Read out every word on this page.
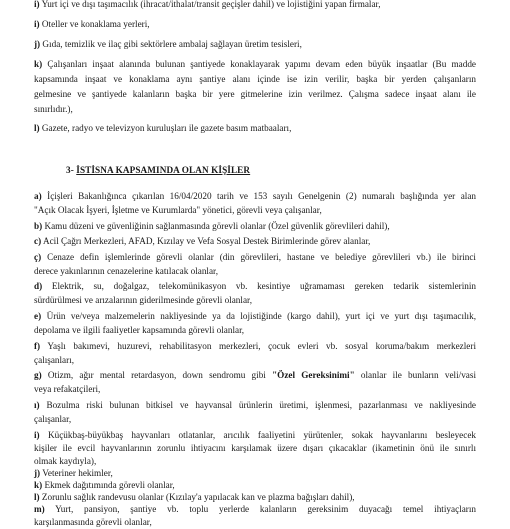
i) Yurt içi ve dışı taşımacılık (ihracat/ithalat/transit geçişler dahil) ve lojistiğini yapan firmalar,
i) Oteller ve konaklama yerleri,
j) Gıda, temizlik ve ilaç gibi sektörlere ambalaj sağlayan üretim tesisleri,
k) Çalışanları inşaat alanında bulunan şantiyede konaklayarak yapımı devam eden büyük inşaatlar (Bu madde
kapsamında inşaat ve konaklama aynı şantiye alanı içinde ise izin verilir, başka bir yerden çalışanların
gelmesine ve şantiyede kalanların başka bir yere gitmelerine izin verilmez. Çalışma sadece inşaat alanı ile
sınırlıdır.),
l) Gazete, radyo ve televizyon kuruluşları ile gazete basım matbaaları,
3- İSTİSNA KAPSAMINDA OLAN KİŞİLER
a) İçişleri Bakanlığınca çıkarılan 16/04/2020 tarih ve 153 sayılı Genelgenin (2) numaralı başlığında yer alan
"Açık Olacak İşyeri, İşletme ve Kurumlarda" yönetici, görevli veya çalışanlar,
b) Kamu düzeni ve güvenliğinin sağlanmasında görevli olanlar (Özel güvenlik görevlileri dahil),
c) Acil Çağrı Merkezleri, AFAD, Kızılay ve Vefa Sosyal Destek Birimlerinde görev alanlar,
ç) Cenaze defin işlemlerinde görevli olanlar (din görevlileri, hastane ve belediye görevlileri vb.) ile birinci
derece yakınlarının cenazelerine katılacak olanlar,
d) Elektrik, su, doğalgaz, telekomünikasyon vb. kesintiye uğramaması gereken tedarik sistemlerinin
sürdürülmesi ve arızalarının giderilmesinde görevli olanlar,
e) Ürün ve/veya malzemelerin nakliyesinde ya da lojistiğinde (kargo dahil), yurt içi ve yurt dışı taşımacılık,
depolama ve ilgili faaliyetler kapsamında görevli olanlar,
f) Yaşlı bakımevi, huzurevi, rehabilitasyon merkezleri, çocuk evleri vb. sosyal koruma/bakım merkezleri
çalışanları,
g) Otizm, ağır mental retardasyon, down sendromu gibi "Özel Gereksinimi" olanlar ile bunların veli/vasi
veya refakatçileri,
ı) Bozulma riski bulunan bitkisel ve hayvansal ürünlerin üretimi, işlenmesi, pazarlanması ve nakliyesinde
çalışanlar,
i) Küçükbaş-büyükbaş hayvanları otlatanlar, arıcılık faaliyetini yürütenler, sokak hayvanlarını besleyecek
kişiler ile evcil hayvanlarının zorunlu ihtiyacını karşılamak üzere dışarı çıkacaklar (ikametinin önü ile sınırlı
olmak kaydıyla),
j) Veteriner hekimler,
k) Ekmek dağıtımında görevli olanlar,
l) Zorunlu sağlık randevusu olanlar (Kızılay'a yapılacak kan ve plazma bağışları dahil),
m) Yurt, pansiyon, şantiye vb. toplu yerlerde kalanların gereksinim duyacağı temel ihtiyaçların
karşılanmasında görevli olanlar,
